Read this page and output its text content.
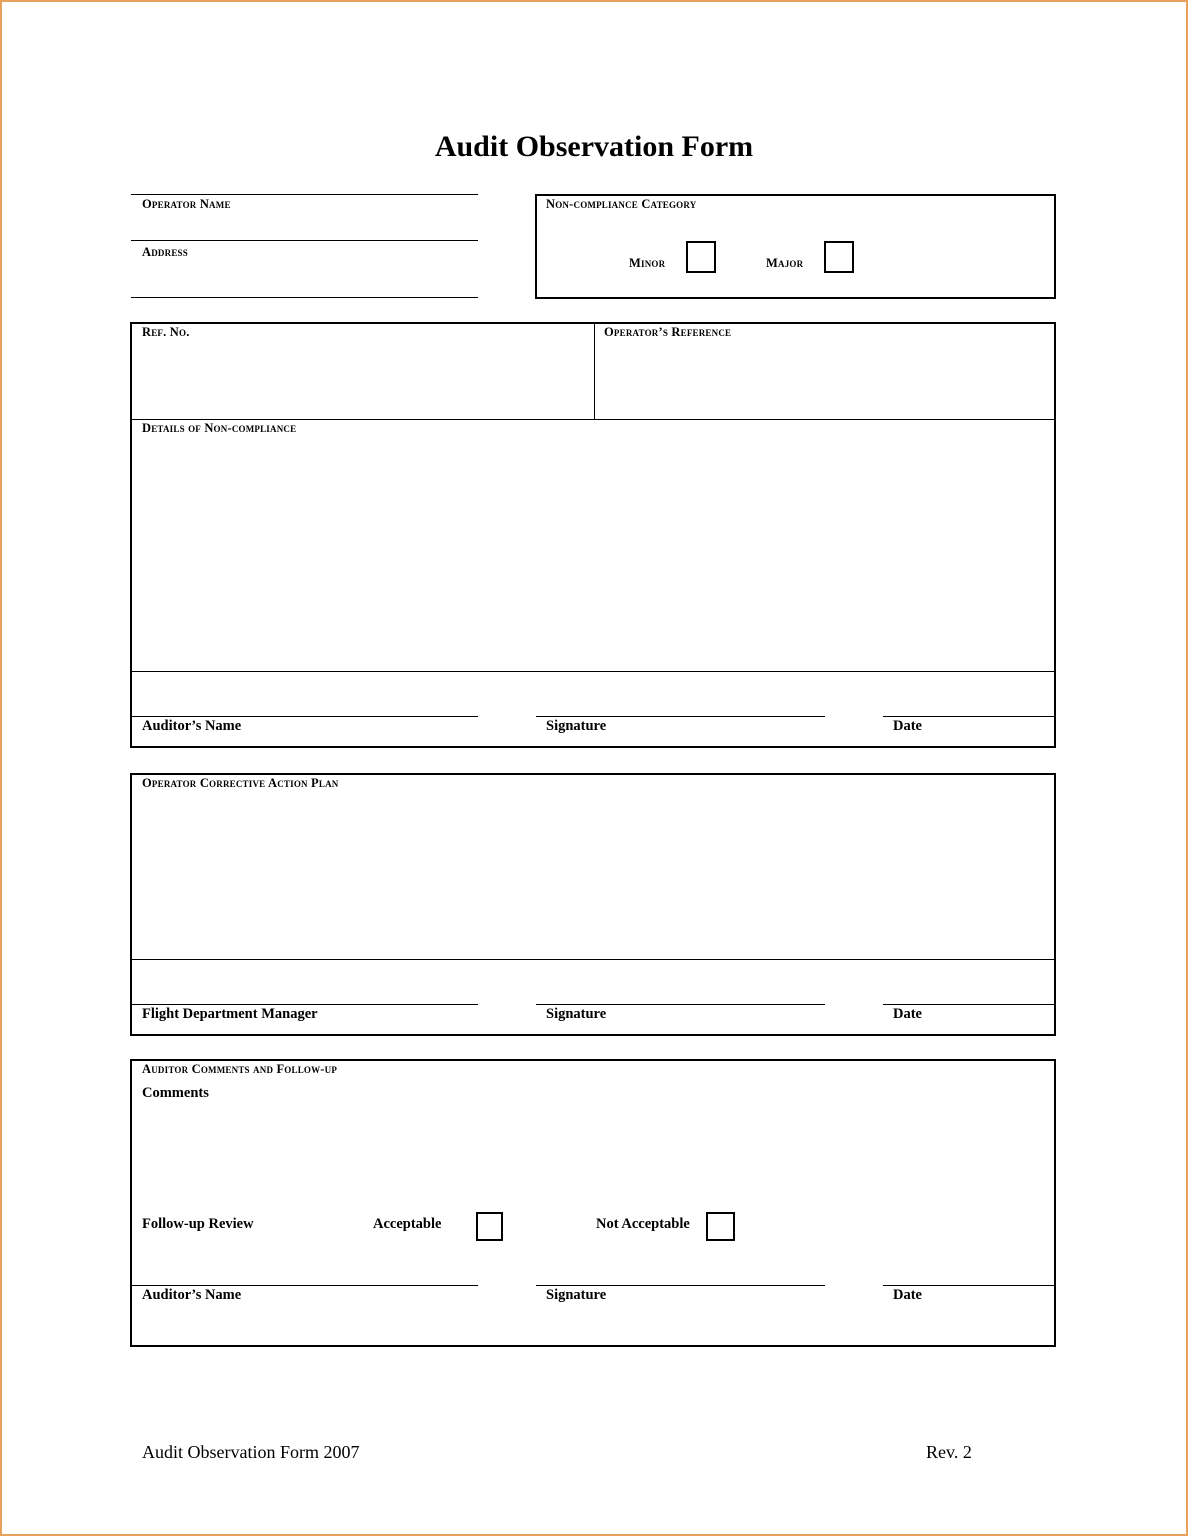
Audit Observation Form
Operator Name
Address
Non-compliance Category
Minor	Major
Ref. No.	Operator’s Reference
Details of Non-compliance
Auditor’s Name	Signature	Date
Operator Corrective Action Plan
Flight Department Manager	Signature	Date
Auditor Comments and Follow-up
Comments
Follow-up Review	Acceptable	Not Acceptable
Auditor’s Name	Signature	Date
Audit Observation Form 2007	Rev. 2
